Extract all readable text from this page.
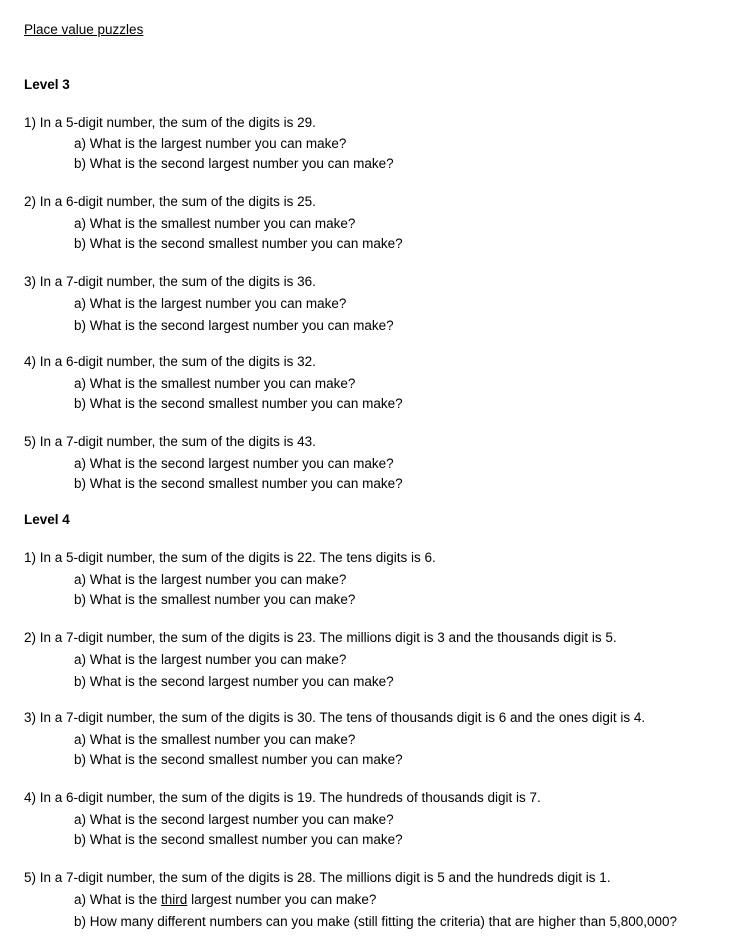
Place value puzzles
Level 3
1) In a 5-digit number, the sum of the digits is 29.
a) What is the largest number you can make?
b) What is the second largest number you can make?
2) In a 6-digit number, the sum of the digits is 25.
a) What is the smallest number you can make?
b) What is the second smallest number you can make?
3) In a 7-digit number, the sum of the digits is 36.
a) What is the largest number you can make?
b) What is the second largest number you can make?
4) In a 6-digit number, the sum of the digits is 32.
a) What is the smallest number you can make?
b) What is the second smallest number you can make?
5) In a 7-digit number, the sum of the digits is 43.
a) What is the second largest number you can make?
b) What is the second smallest number you can make?
Level 4
1) In a 5-digit number, the sum of the digits is 22. The tens digits is 6.
a) What is the largest number you can make?
b) What is the smallest number you can make?
2) In a 7-digit number, the sum of the digits is 23. The millions digit is 3 and the thousands digit is 5.
a) What is the largest number you can make?
b) What is the second largest number you can make?
3) In a 7-digit number, the sum of the digits is 30. The tens of thousands digit is 6 and the ones digit is 4.
a) What is the smallest number you can make?
b) What is the second smallest number you can make?
4) In a 6-digit number, the sum of the digits is 19. The hundreds of thousands digit is 7.
a) What is the second largest number you can make?
b) What is the second smallest number you can make?
5) In a 7-digit number, the sum of the digits is 28. The millions digit is 5 and the hundreds digit is 1.
a) What is the third largest number you can make?
b) How many different numbers can you make (still fitting the criteria) that are higher than 5,800,000?
